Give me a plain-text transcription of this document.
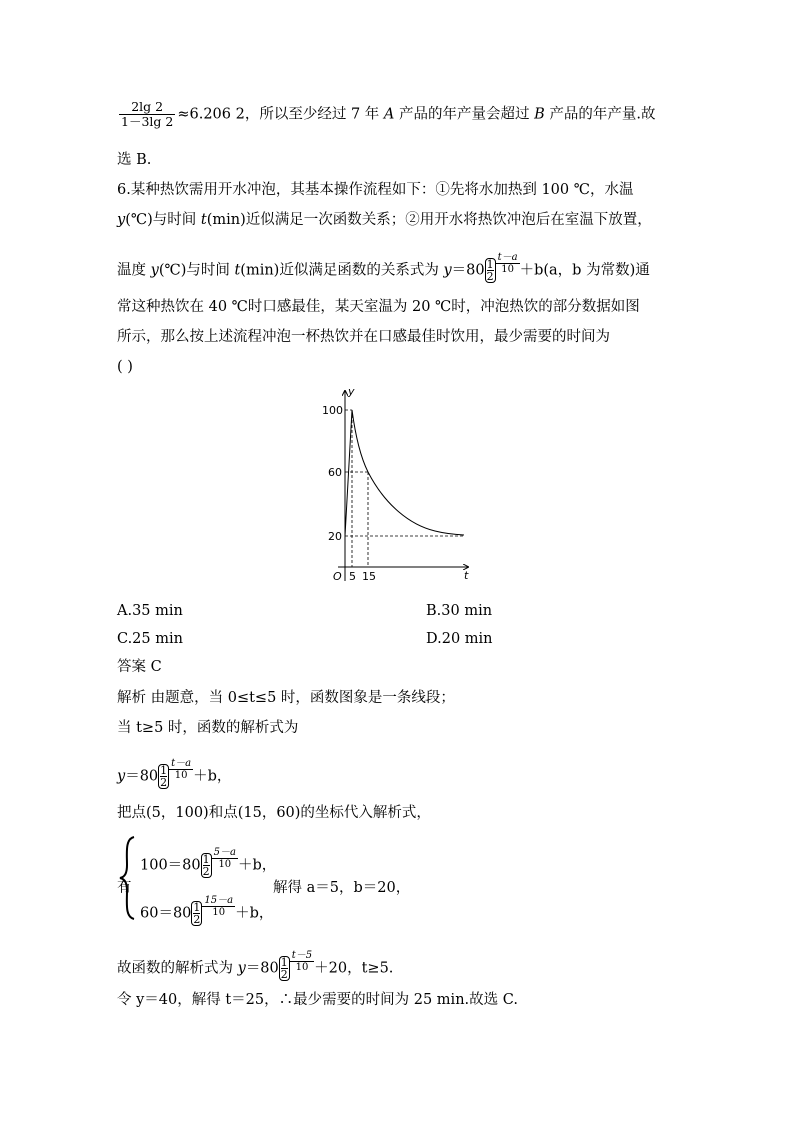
$\frac{2\lg 2}{1-3\lg 2} \approx 6.206$ 2，所以至少经过 7 年 A 产品的年产量会超过 B 产品的年产量.故
选 B.
6.某种热饮需用开水冲泡，其基本操作流程如下：①先将水加热到 100 ℃，水温
y(℃)与时间 t(min)近似满足一次函数关系；②用开水将热饮冲泡后在室温下放置，
温度 y(℃)与时间 t(min)近似满足函数的关系式为 $y=80 \frac{1}{2} \frac{t-a}{10}+b(a$，b 为常数)通
常这种热饮在 40 ℃时口感最佳，某天室温为 20 ℃时，冲泡热饮的部分数据如图
所示，那么按上述流程冲泡一杯热饮并在口感最佳时饮用，最少需要的时间为
( )
y
t
O
100
60
20
5 15
A.35 min	B.30 min
C.25 min	D.20 min
答案 C
解析 由题意，当 0≤t≤5 时，函数图象是一条线段；
当 t≥5 时，函数的解析式为
$y=80 \frac{1}{2} \frac{t-a}{10}+b$，
把点(5，100)和点(15，60)的坐标代入解析式，
有
$100=80 \frac{1}{2} \frac{5-a}{10}+b$，
$60=80 \frac{1}{2} \frac{15-a}{10}+b$，
解得 a＝5，b＝20，
故函数的解析式为 $y=80 \frac{1}{2} \frac{t-5}{10}+20$，t≥5.
令 y＝40，解得 t＝25，∴最少需要的时间为 25 min.故选 C.
